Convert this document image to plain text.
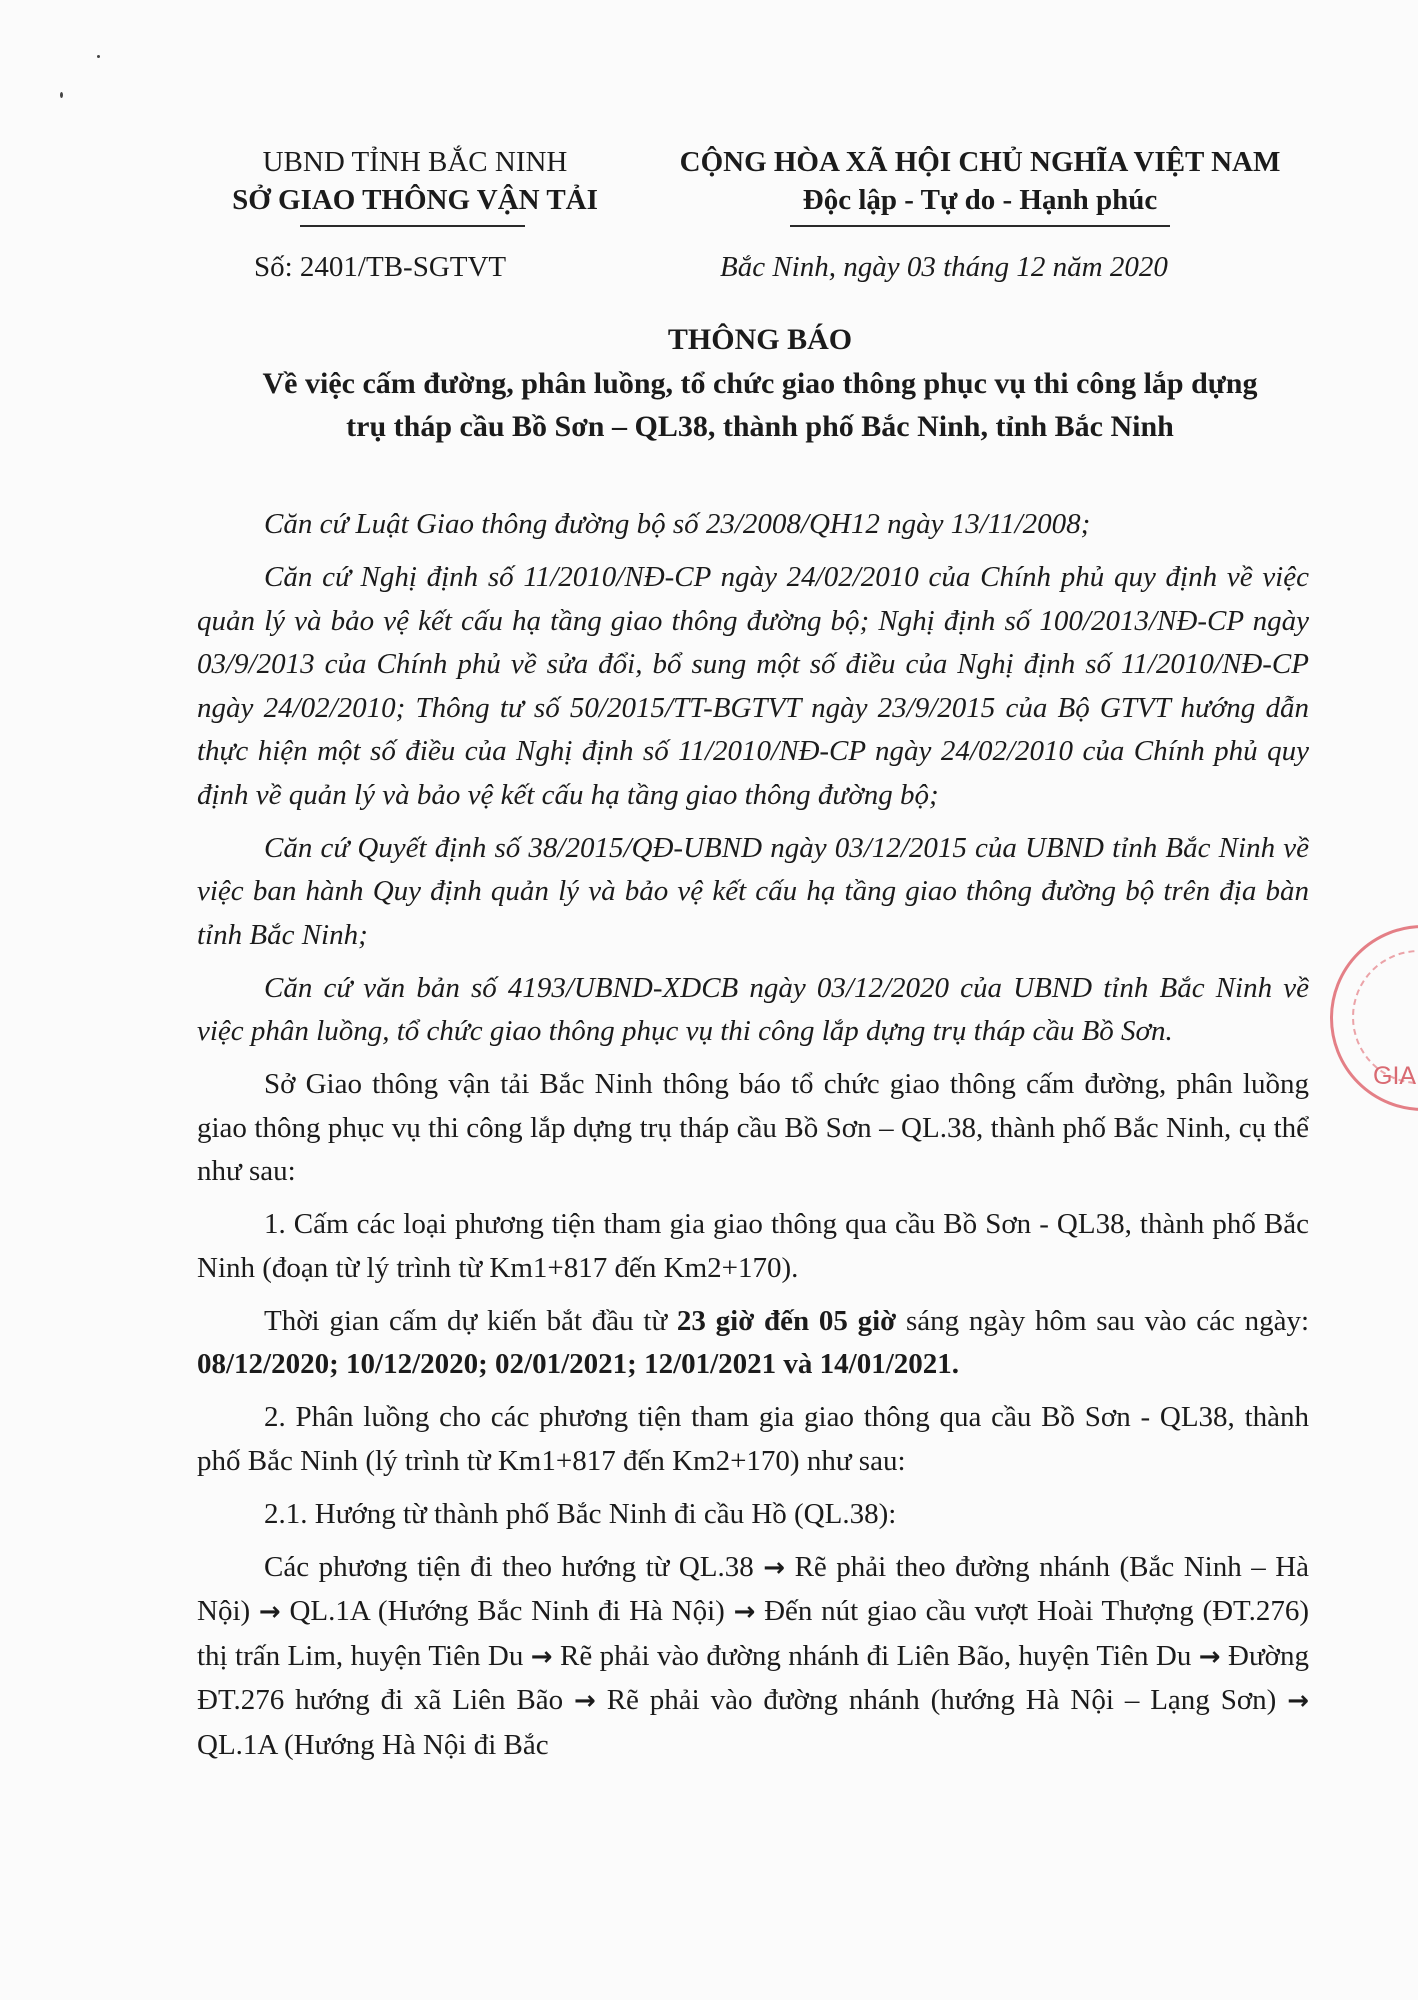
UBND TỈNH BẮC NINH
SỞ GIAO THÔNG VẬN TẢI
CỘNG HÒA XÃ HỘI CHỦ NGHĨA VIỆT NAM
Độc lập - Tự do - Hạnh phúc
Số: 2401/TB-SGTVT	Bắc Ninh, ngày 03 tháng 12 năm 2020
THÔNG BÁO
Về việc cấm đường, phân luồng, tổ chức giao thông phục vụ thi công lắp dựng
trụ tháp cầu Bồ Sơn – QL38, thành phố Bắc Ninh, tỉnh Bắc Ninh

Căn cứ Luật Giao thông đường bộ số 23/2008/QH12 ngày 13/11/2008;

Căn cứ Nghị định số 11/2010/NĐ-CP ngày 24/02/2010 của Chính phủ quy định về việc quản lý và bảo vệ kết cấu hạ tầng giao thông đường bộ; Nghị định số 100/2013/NĐ-CP ngày 03/9/2013 của Chính phủ về sửa đổi, bổ sung một số điều của Nghị định số 11/2010/NĐ-CP ngày 24/02/2010; Thông tư số 50/2015/TT-BGTVT ngày 23/9/2015 của Bộ GTVT hướng dẫn thực hiện một số điều của Nghị định số 11/2010/NĐ-CP ngày 24/02/2010 của Chính phủ quy định về quản lý và bảo vệ kết cấu hạ tầng giao thông đường bộ;

Căn cứ Quyết định số 38/2015/QĐ-UBND ngày 03/12/2015 của UBND tỉnh Bắc Ninh về việc ban hành Quy định quản lý và bảo vệ kết cấu hạ tầng giao thông đường bộ trên địa bàn tỉnh Bắc Ninh;

Căn cứ văn bản số 4193/UBND-XDCB ngày 03/12/2020 của UBND tỉnh Bắc Ninh về việc phân luồng, tổ chức giao thông phục vụ thi công lắp dựng trụ tháp cầu Bồ Sơn.

Sở Giao thông vận tải Bắc Ninh thông báo tổ chức giao thông cấm đường, phân luồng giao thông phục vụ thi công lắp dựng trụ tháp cầu Bồ Sơn – QL.38, thành phố Bắc Ninh, cụ thể như sau:

1. Cấm các loại phương tiện tham gia giao thông qua cầu Bồ Sơn - QL38, thành phố Bắc Ninh (đoạn từ lý trình từ Km1+817 đến Km2+170).

Thời gian cấm dự kiến bắt đầu từ 23 giờ đến 05 giờ sáng ngày hôm sau vào các ngày: 08/12/2020; 10/12/2020; 02/01/2021; 12/01/2021 và 14/01/2021.

2. Phân luồng cho các phương tiện tham gia giao thông qua cầu Bồ Sơn - QL38, thành phố Bắc Ninh (lý trình từ Km1+817 đến Km2+170) như sau:

2.1. Hướng từ thành phố Bắc Ninh đi cầu Hồ (QL.38):

Các phương tiện đi theo hướng từ QL.38 → Rẽ phải theo đường nhánh (Bắc Ninh – Hà Nội) → QL.1A (Hướng Bắc Ninh đi Hà Nội) → Đến nút giao cầu vượt Hoài Thượng (ĐT.276) thị trấn Lim, huyện Tiên Du → Rẽ phải vào đường nhánh đi Liên Bão, huyện Tiên Du → Đường ĐT.276 hướng đi xã Liên Bão → Rẽ phải vào đường nhánh (hướng Hà Nội – Lạng Sơn) → QL.1A (Hướng Hà Nội đi Bắc

GIA
